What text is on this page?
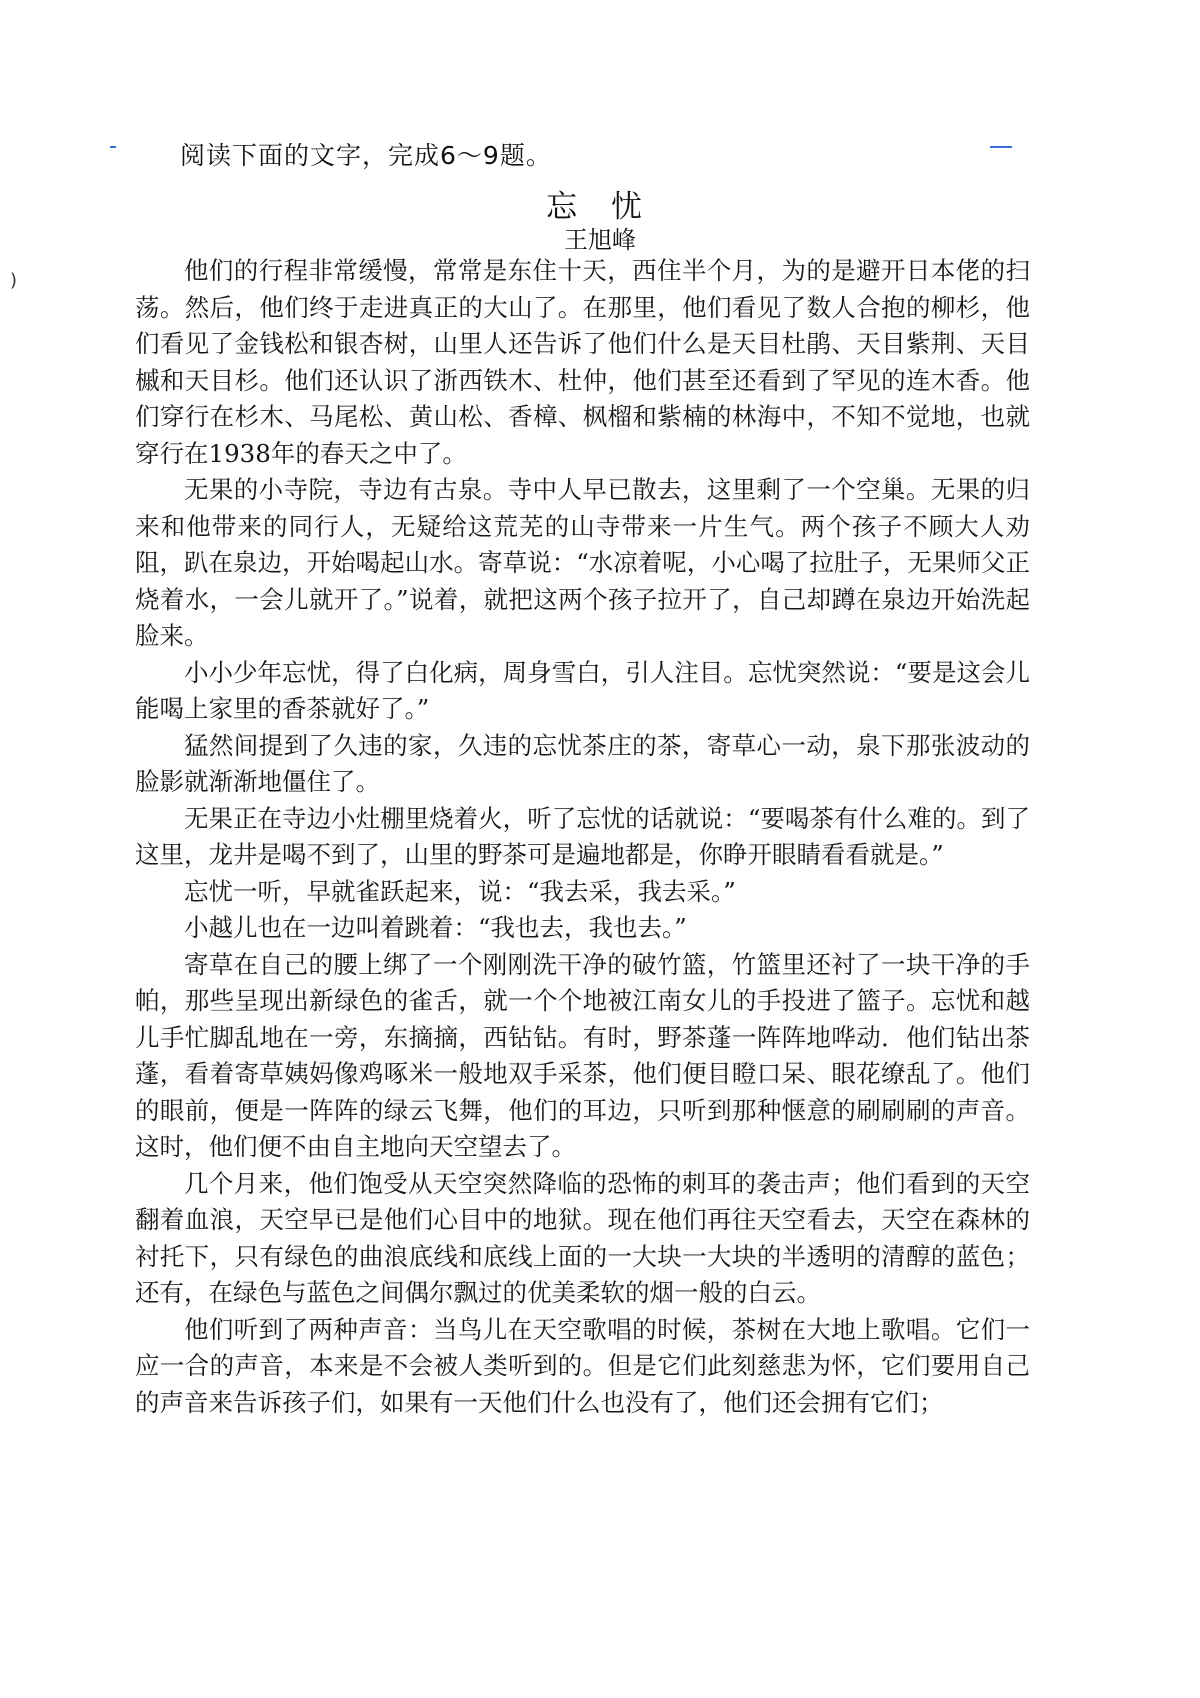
)
阅读下面的文字，完成6～9题。
忘 忧
王旭峰

他们的行程非常缓慢，常常是东住十天，西住半个月，为的是避开日本佬的扫荡。然后，他们终于走进真正的大山了。在那里，他们看见了数人合抱的柳杉，他们看见了金钱松和银杏树，山里人还告诉了他们什么是天目杜鹃、天目紫荆、天目槭和天目杉。他们还认识了浙西铁木、杜仲，他们甚至还看到了罕见的连木香。他们穿行在杉木、马尾松、黄山松、香樟、枫榴和紫楠的林海中，不知不觉地，也就穿行在1938年的春天之中了。

无果的小寺院，寺边有古泉。寺中人早已散去，这里剩了一个空巢。无果的归来和他带来的同行人，无疑给这荒芜的山寺带来一片生气。两个孩子不顾大人劝阻，趴在泉边，开始喝起山水。寄草说：“水凉着呢，小心喝了拉肚子，无果师父正烧着水，一会儿就开了。”说着，就把这两个孩子拉开了，自己却蹲在泉边开始洗起脸来。

小小少年忘忧，得了白化病，周身雪白，引人注目。忘忧突然说：“要是这会儿能喝上家里的香茶就好了。”

猛然间提到了久违的家，久违的忘忧茶庄的茶，寄草心一动，泉下那张波动的脸影就渐渐地僵住了。

无果正在寺边小灶棚里烧着火，听了忘忧的话就说：“要喝茶有什么难的。到了这里，龙井是喝不到了，山里的野茶可是遍地都是，你睁开眼睛看看就是。”

忘忧一听，早就雀跃起来，说：“我去采，我去采。”

小越儿也在一边叫着跳着：“我也去，我也去。”

寄草在自己的腰上绑了一个刚刚洗干净的破竹篮，竹篮里还衬了一块干净的手帕，那些呈现出新绿色的雀舌，就一个个地被江南女儿的手投进了篮子。忘忧和越儿手忙脚乱地在一旁，东摘摘，西钻钻。有时，野茶蓬一阵阵地哗动．他们钻出茶蓬，看着寄草姨妈像鸡啄米一般地双手采茶，他们便目瞪口呆、眼花缭乱了。他们的眼前，便是一阵阵的绿云飞舞，他们的耳边，只听到那种惬意的刷刷刷的声音。这时，他们便不由自主地向天空望去了。

几个月来，他们饱受从天空突然降临的恐怖的刺耳的袭击声；他们看到的天空翻着血浪，天空早已是他们心目中的地狱。现在他们再往天空看去，天空在森林的衬托下，只有绿色的曲浪底线和底线上面的一大块一大块的半透明的清醇的蓝色；还有，在绿色与蓝色之间偶尔飘过的优美柔软的烟一般的白云。

他们听到了两种声音：当鸟儿在天空歌唱的时候，茶树在大地上歌唱。它们一应一合的声音，本来是不会被人类听到的。但是它们此刻慈悲为怀，它们要用自己的声音来告诉孩子们，如果有一天他们什么也没有了，他们还会拥有它们；
